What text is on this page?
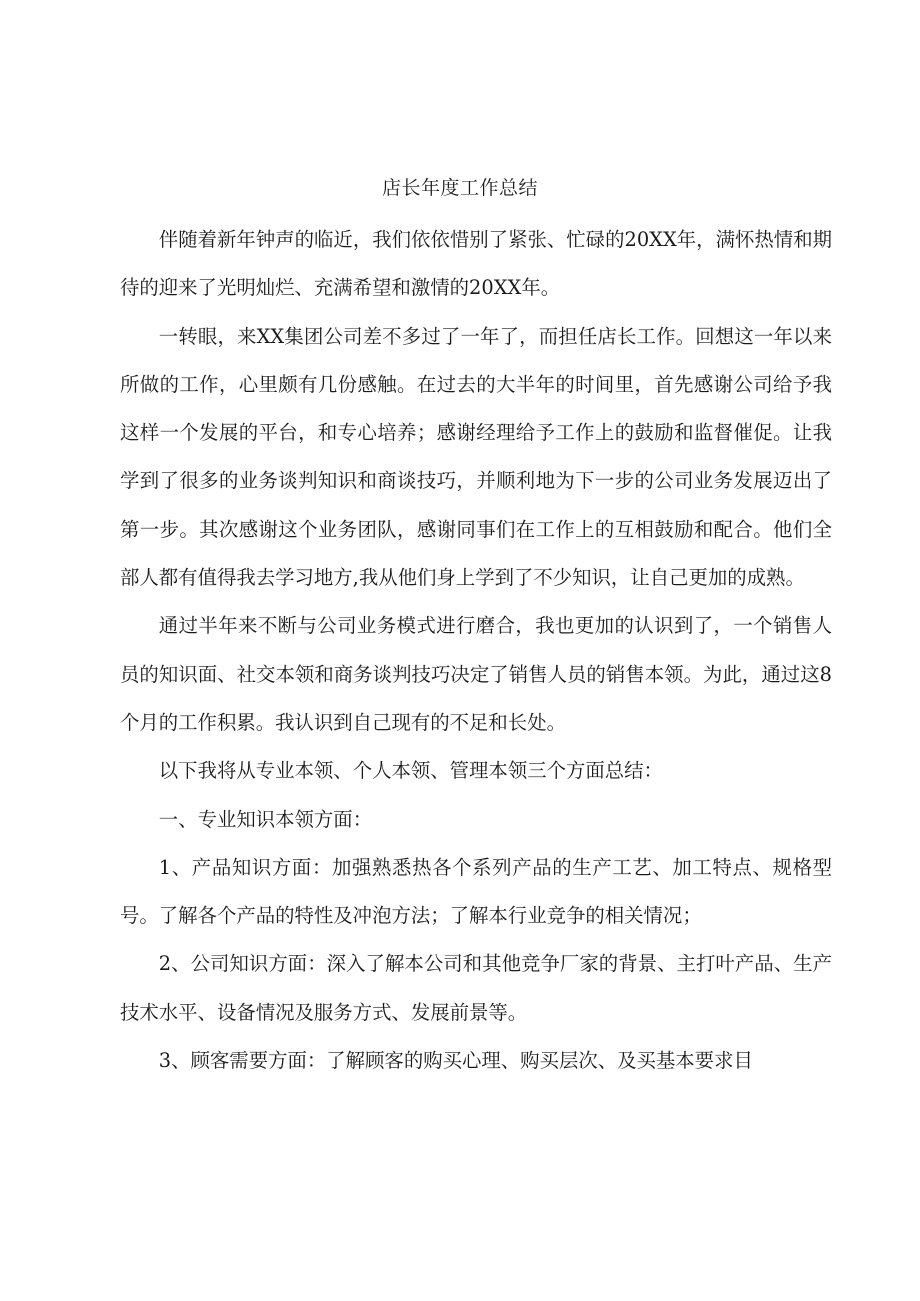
店长年度工作总结

伴随着新年钟声的临近，我们依依惜别了紧张、忙碌的20XX年，满怀热情和期待的迎来了光明灿烂、充满希望和激情的20XX年。

一转眼，来XX集团公司差不多过了一年了，而担任店长工作。回想这一年以来所做的工作，心里颇有几份感触。在过去的大半年的时间里，首先感谢公司给予我这样一个发展的平台，和专心培养；感谢经理给予工作上的鼓励和监督催促。让我学到了很多的业务谈判知识和商谈技巧，并顺利地为下一步的公司业务发展迈出了第一步。其次感谢这个业务团队，感谢同事们在工作上的互相鼓励和配合。他们全部人都有值得我去学习地方,我从他们身上学到了不少知识，让自己更加的成熟。

通过半年来不断与公司业务模式进行磨合，我也更加的认识到了，一个销售人员的知识面、社交本领和商务谈判技巧决定了销售人员的销售本领。为此，通过这8个月的工作积累。我认识到自己现有的不足和长处。

以下我将从专业本领、个人本领、管理本领三个方面总结：

一、专业知识本领方面：

1、产品知识方面：加强熟悉热各个系列产品的生产工艺、加工特点、规格型号。了解各个产品的特性及冲泡方法；了解本行业竞争的相关情况；

2、公司知识方面：深入了解本公司和其他竞争厂家的背景、主打叶产品、生产技术水平、设备情况及服务方式、发展前景等。

3、顾客需要方面：了解顾客的购买心理、购买层次、及买基本要求目
